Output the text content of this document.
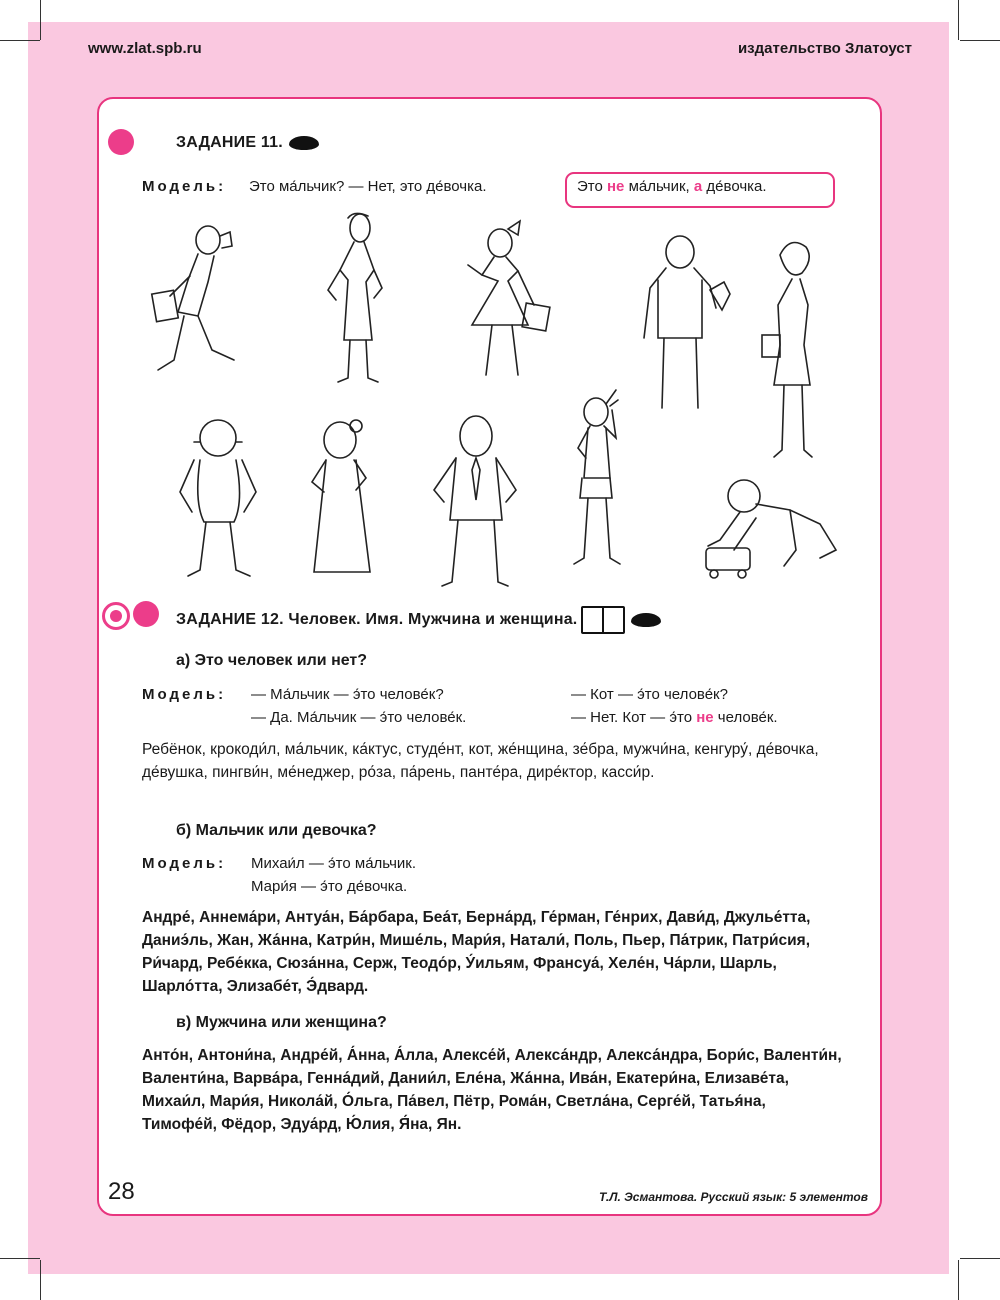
www.zlat.spb.ru	издательство Златоуст
ЗАДАНИЕ 11.
Модель: Это ма́льчик? — Нет, это де́вочка.	Это не ма́льчик, а де́вочка.
ЗАДАНИЕ 12. Человек. Имя. Мужчина и женщина.
а) Это человек или нет?
Модель: — Ма́льчик — э́то челове́к?
— Да. Ма́льчик — э́то челове́к.
— Кот — э́то челове́к?
— Нет. Кот — э́то не челове́к.
Ребёнок, крокоди́л, ма́льчик, ка́ктус, студе́нт, кот, же́нщина, зе́бра, мужчи́на, кенгуру́, де́вочка, де́вушка, пингви́н, ме́неджер, ро́за, па́рень, панте́ра, дире́ктор, касси́р.
б) Мальчик или девочка?
Модель: Михаи́л — э́то ма́льчик.
Мари́я — э́то де́вочка.
Андре́, Аннема́ри, Антуа́н, Ба́рбара, Беа́т, Берна́рд, Ге́рман, Ге́нрих, Дави́д, Джулье́тта, Даниэ́ль, Жан, Жа́нна, Катри́н, Мише́ль, Мари́я, Натали́, Поль, Пьер, Па́трик, Патри́сия, Ри́чард, Ребе́кка, Сюза́нна, Серж, Теодо́р, У́ильям, Франсуа́, Хеле́н, Ча́рли, Шарль, Шарло́тта, Элизабе́т, Э́двард.
в) Мужчина или женщина?
Анто́н, Антони́на, Андре́й, А́нна, А́лла, Алексе́й, Алекса́ндр, Алекса́ндра, Бори́с, Валенти́н, Валенти́на, Варва́ра, Генна́дий, Дании́л, Еле́на, Жа́нна, Ива́н, Екатери́на, Елизаве́та, Михаи́л, Мари́я, Никола́й, О́льга, Па́вел, Пётр, Рома́н, Светла́на, Серге́й, Татья́на, Тимофе́й, Фёдор, Эдуа́рд, Ю́лия, Я́на, Ян.
28	Т.Л. Эсмантова. Русский язык: 5 элементов
